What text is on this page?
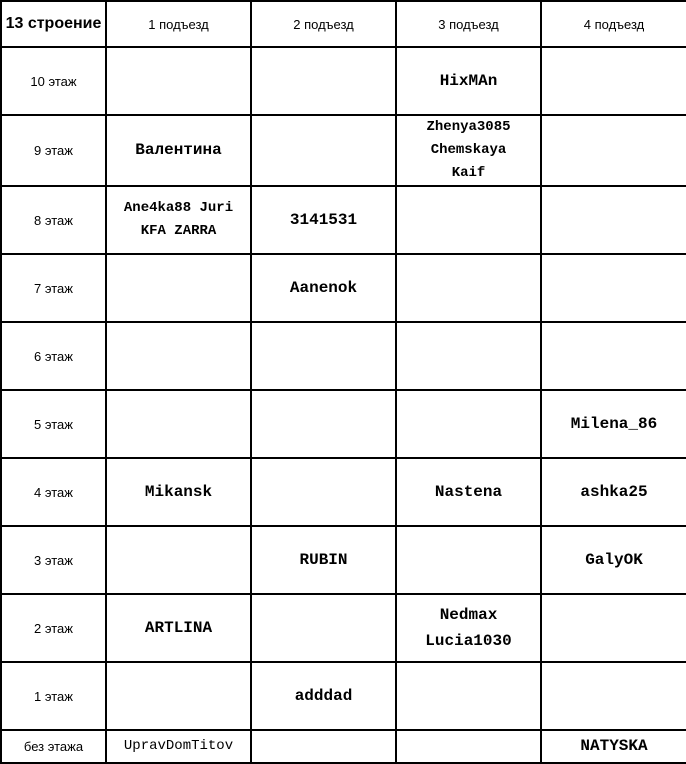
13 строение	1 подъезд	2 подъезд	3 подъезд	4 подъезд
10 этаж			HixMAn	
9 этаж	Валентина		Zhenya3085
Chemskaya
Kaif	
8 этаж	Ane4ka88 Juri
KFA ZARRA	3141531		
7 этаж		Aanenok		
6 этаж				
5 этаж				Milena_86
4 этаж	Mikansk		Nastena	ashka25
3 этаж		RUBIN		GalyOK
2 этаж	ARTLINA		Nedmax
Lucia1030	
1 этаж		adddad		
без этажа	UpravDomTitov			NATYSKA
